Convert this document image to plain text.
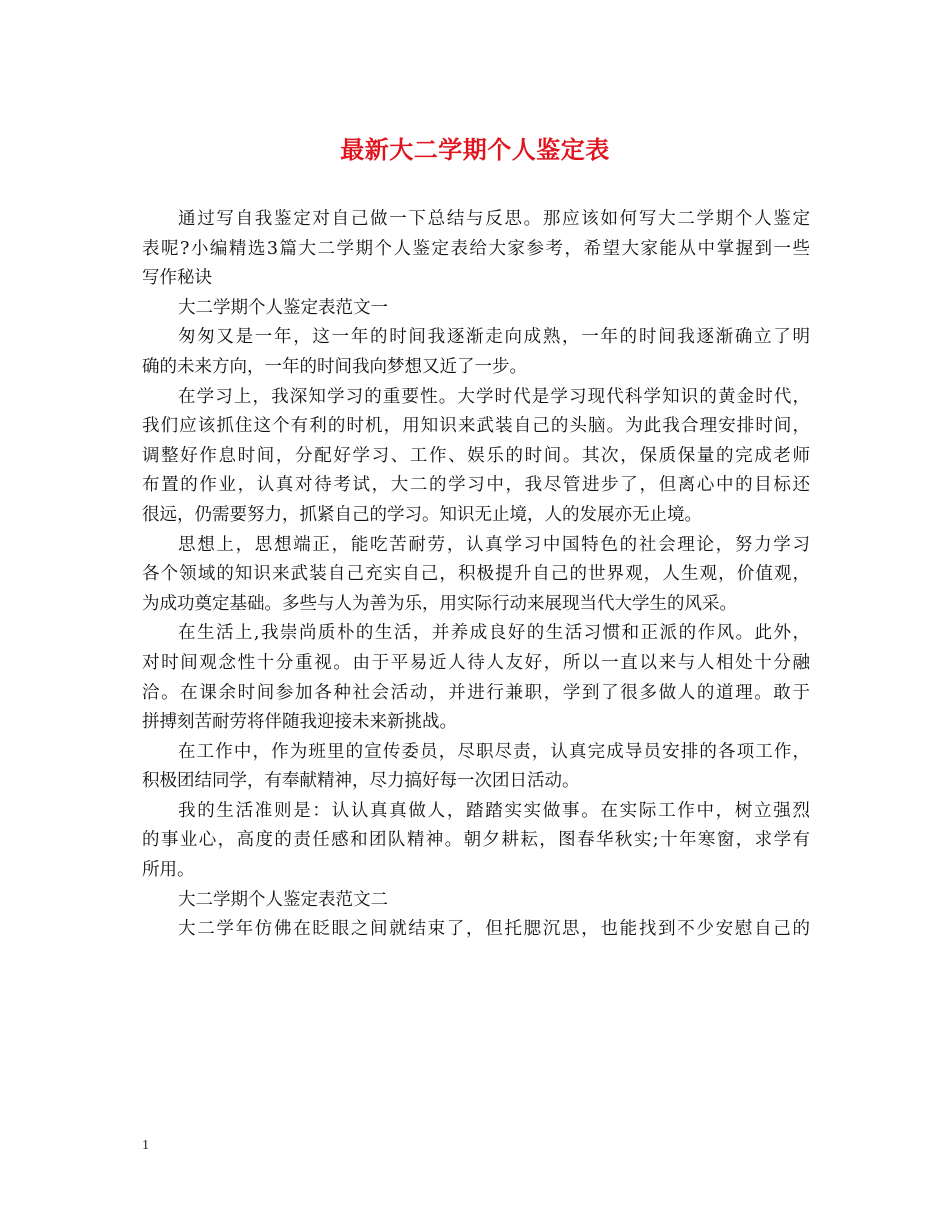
最新大二学期个人鉴定表
通过写自我鉴定对自己做一下总结与反思。那应该如何写大二学期个人鉴定
表呢?小编精选3篇大二学期个人鉴定表给大家参考，希望大家能从中掌握到一些
写作秘诀
大二学期个人鉴定表范文一
匆匆又是一年，这一年的时间我逐渐走向成熟，一年的时间我逐渐确立了明
确的未来方向，一年的时间我向梦想又近了一步。
在学习上，我深知学习的重要性。大学时代是学习现代科学知识的黄金时代，
我们应该抓住这个有利的时机，用知识来武装自己的头脑。为此我合理安排时间，
调整好作息时间，分配好学习、工作、娱乐的时间。其次，保质保量的完成老师
布置的作业，认真对待考试，大二的学习中，我尽管进步了，但离心中的目标还
很远，仍需要努力，抓紧自己的学习。知识无止境，人的发展亦无止境。
思想上，思想端正，能吃苦耐劳，认真学习中国特色的社会理论，努力学习
各个领域的知识来武装自己充实自己，积极提升自己的世界观，人生观，价值观，
为成功奠定基础。多些与人为善为乐，用实际行动来展现当代大学生的风采。
在生活上,我崇尚质朴的生活，并养成良好的生活习惯和正派的作风。此外，
对时间观念性十分重视。由于平易近人待人友好，所以一直以来与人相处十分融
洽。在课余时间参加各种社会活动，并进行兼职，学到了很多做人的道理。敢于
拼搏刻苦耐劳将伴随我迎接未来新挑战。
在工作中，作为班里的宣传委员，尽职尽责，认真完成导员安排的各项工作，
积极团结同学，有奉献精神，尽力搞好每一次团日活动。
我的生活准则是：认认真真做人，踏踏实实做事。在实际工作中，树立强烈
的事业心，高度的责任感和团队精神。朝夕耕耘，图春华秋实;十年寒窗，求学有
所用。
大二学期个人鉴定表范文二
大二学年仿佛在眨眼之间就结束了，但托腮沉思，也能找到不少安慰自己的
1
